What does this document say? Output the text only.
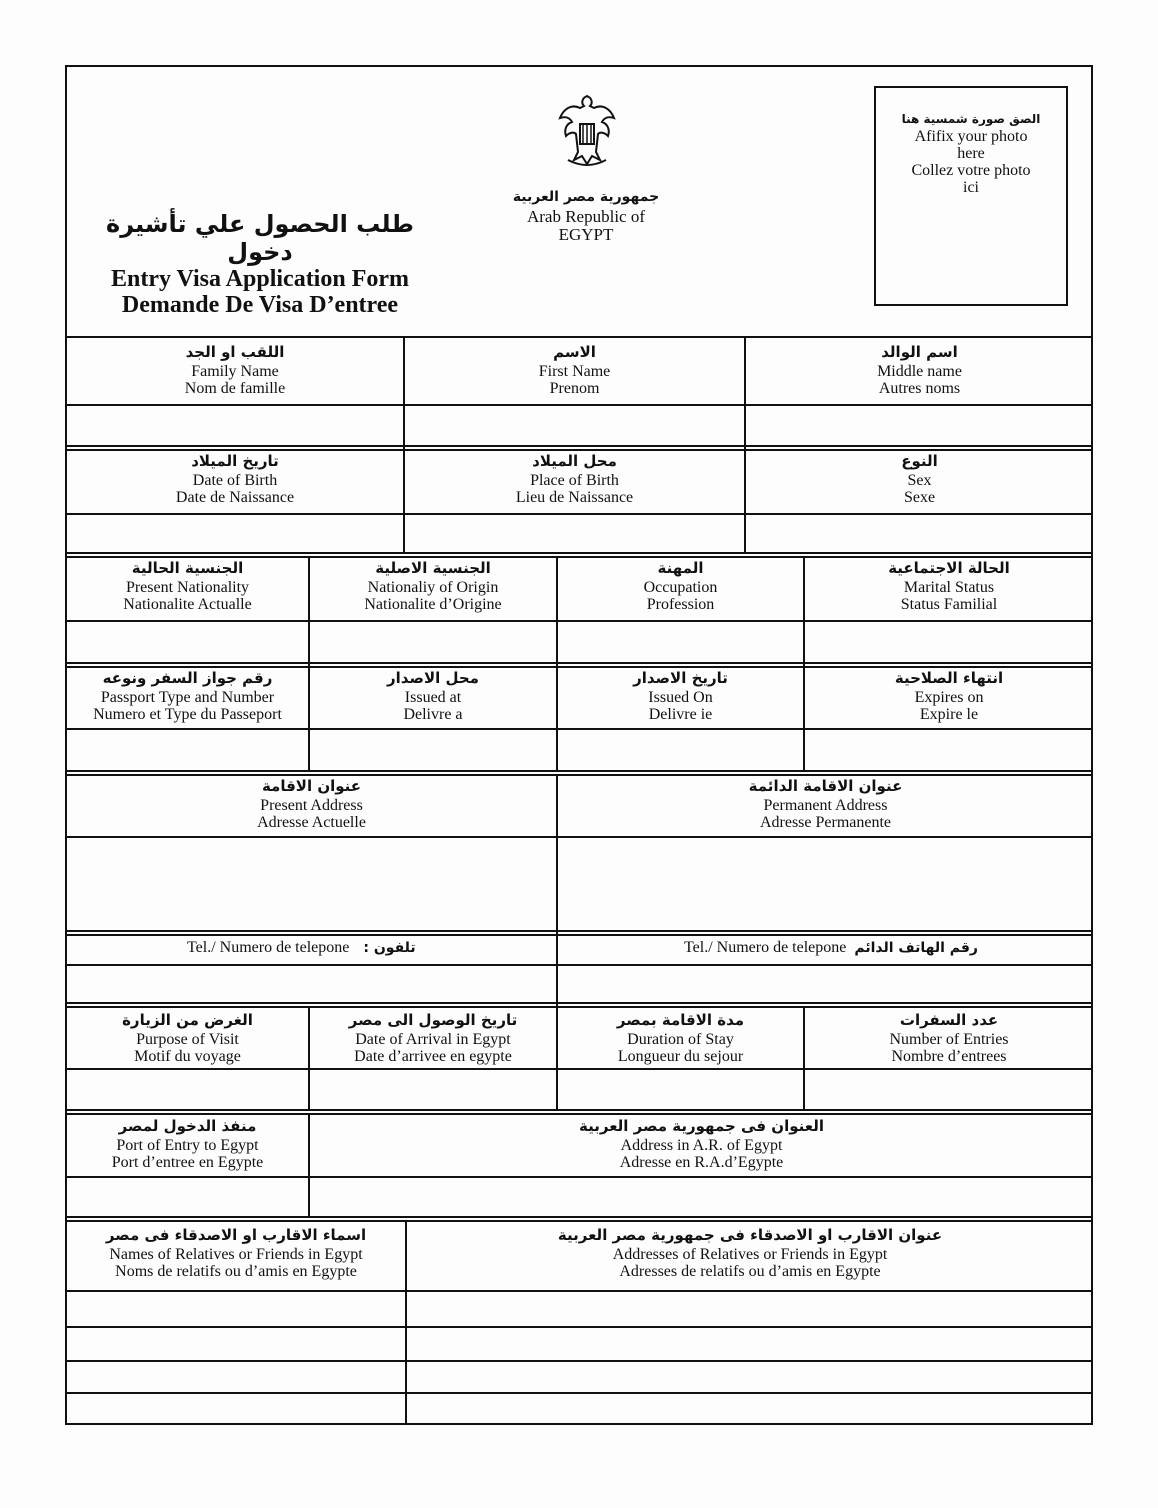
جمهورية مصر العربية
Arab Republic of
EGYPT
طلب الحصول علي تأشيرة دخول
Entry Visa Application Form
Demande De Visa D’entree
الصق صورة شمسية هنا
Afifix your photo
here
Collez votre photo
ici
اللقب او الجد
Family Name
Nom de famille
الاسم
First Name
Prenom
اسم الوالد
Middle name
Autres noms
تاريخ الميلاد
Date of Birth
Date de Naissance
محل الميلاد
Place of Birth
Lieu de Naissance
النوع
Sex
Sexe
الجنسية الحالية
Present Nationality
Nationalite Actualle
الجنسية الاصلية
Nationaliy of Origin
Nationalite d’Origine
المهنة
Occupation
Profession
الحالة الاجتماعية
Marital Status
Status Familial
رقم جواز السفر ونوعه
Passport Type and Number
Numero et Type du Passeport
محل الاصدار
Issued at
Delivre a
تاريخ الاصدار
Issued On
Delivre ie
انتهاء الصلاحية
Expires on
Expire le
عنوان الاقامة
Present Address
Adresse Actuelle
عنوان الاقامة الدائمة
Permanent Address
Adresse Permanente
Tel./ Numero de telepone تلفون :	Tel./ Numero de telepone رقم الهاتف الدائم
الغرض من الزيارة
Purpose of Visit
Motif du voyage
تاريخ الوصول الى مصر
Date of Arrival in Egypt
Date d’arrivee en egypte
مدة الاقامة بمصر
Duration of Stay
Longueur du sejour
عدد السفرات
Number of Entries
Nombre d’entrees
منفذ الدخول لمصر
Port of Entry to Egypt
Port d’entree en Egypte
العنوان فى جمهورية مصر العربية
Address in A.R. of Egypt
Adresse en R.A.d’Egypte
اسماء الاقارب او الاصدقاء فى مصر
Names of Relatives or Friends in Egypt
Noms de relatifs ou d’amis en Egypte
عنوان الاقارب او الاصدقاء فى جمهورية مصر العربية
Addresses of Relatives or Friends in Egypt
Adresses de relatifs ou d’amis en Egypte
